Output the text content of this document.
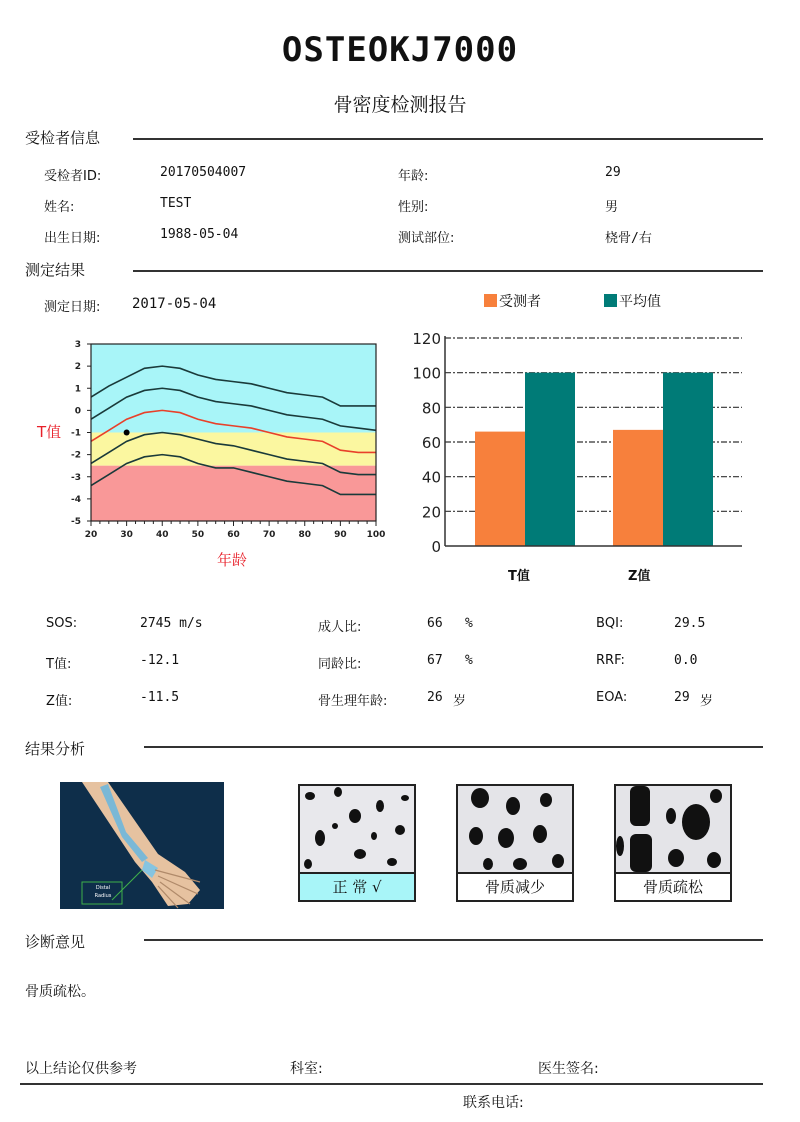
OSTEOKJ7000
骨密度检测报告
受检者信息
受检者ID:	20170504007
姓名:	TEST
出生日期:	1988-05-04
年龄:	29
性别:	男
测试部位:	桡骨/右
测定结果
测定日期: 2017-05-04	受测者	平均值
3
2
1
0
-1
-2
-3
-4
-5
20	30	40	50	60	70	80	90 100
T值
年龄
0
20
40
60
80
100
120
T值	Z值
SOS:	2745 m/s
T值:	-12.1
Z值:	-11.5
成人比:	66 %
同龄比:	67 %
骨生理年龄:	26 岁
BQI:	29.5
RRF:	0.0
EOA:	29 岁
结果分析
Distal
Radius	正 常 √	骨质减少	骨质疏松
诊断意见
骨质疏松。
以上结论仅供参考	科室:	医生签名:
联系电话:
